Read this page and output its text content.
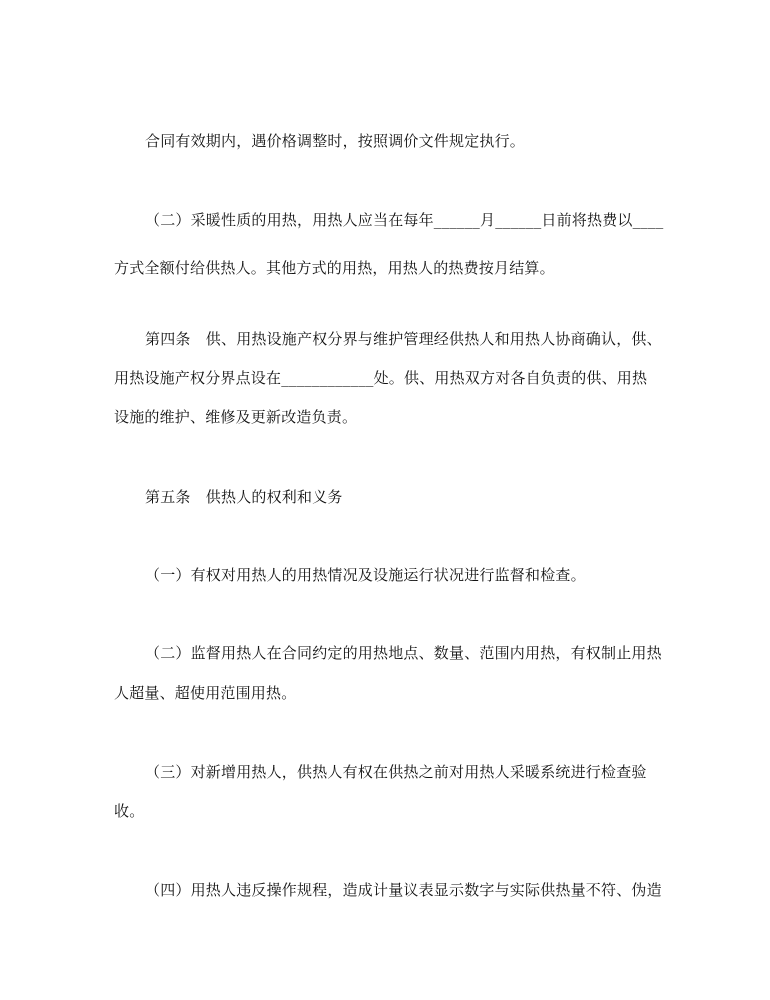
合同有效期内，遇价格调整时，按照调价文件规定执行。
（二）采暖性质的用热，用热人应当在每年______月______日前将热费以____
方式全额付给供热人。其他方式的用热，用热人的热费按月结算。
第四条　供、用热设施产权分界与维护管理经供热人和用热人协商确认，供、
用热设施产权分界点设在____________处。供、用热双方对各自负责的供、用热
设施的维护、维修及更新改造负责。
第五条　供热人的权利和义务
（一）有权对用热人的用热情况及设施运行状况进行监督和检查。
（二）监督用热人在合同约定的用热地点、数量、范围内用热，有权制止用热
人超量、超使用范围用热。
（三）对新增用热人，供热人有权在供热之前对用热人采暖系统进行检查验
收。
（四）用热人违反操作规程，造成计量议表显示数字与实际供热量不符、伪造
